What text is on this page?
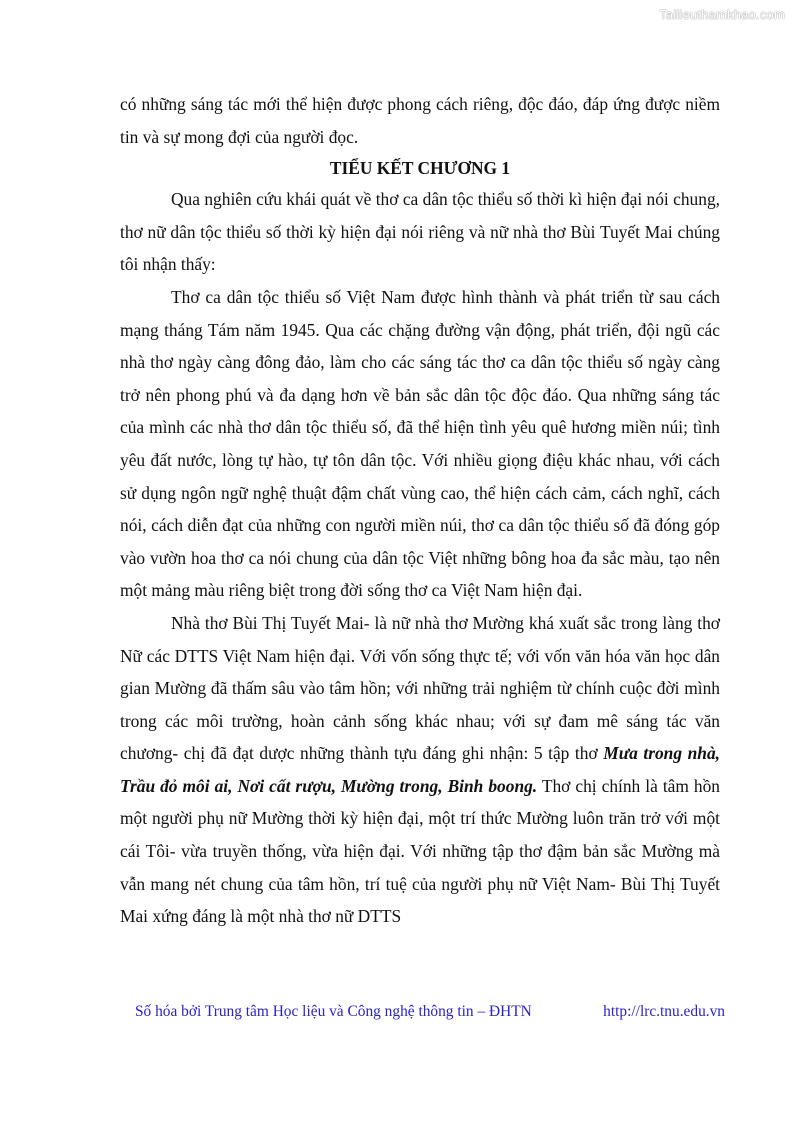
Tailieuthamkhao.com

có những sáng tác mới thể hiện được phong cách riêng, độc đáo, đáp ứng được niềm tin và sự mong đợi của người đọc.

TIỂU KẾT CHƯƠNG 1

Qua nghiên cứu khái quát về thơ ca dân tộc thiểu số thời kì hiện đại nói chung, thơ nữ dân tộc thiểu số thời kỳ hiện đại nói riêng và nữ nhà thơ Bùi Tuyết Mai chúng tôi nhận thấy:

Thơ ca dân tộc thiểu số Việt Nam được hình thành và phát triển từ sau cách mạng tháng Tám năm 1945. Qua các chặng đường vận động, phát triển, đội ngũ các nhà thơ ngày càng đông đảo, làm cho các sáng tác thơ ca dân tộc thiểu số ngày càng trở nên phong phú và đa dạng hơn về bản sắc dân tộc độc đáo. Qua những sáng tác của mình các nhà thơ dân tộc thiểu số, đã thể hiện tình yêu quê hương miền núi; tình yêu đất nước, lòng tự hào, tự tôn dân tộc. Với nhiều giọng điệu khác nhau, với cách sử dụng ngôn ngữ nghệ thuật đậm chất vùng cao, thể hiện cách cảm, cách nghĩ, cách nói, cách diễn đạt của những con người miền núi, thơ ca dân tộc thiểu số đã đóng góp vào vườn hoa thơ ca nói chung của dân tộc Việt những bông hoa đa sắc màu, tạo nên một mảng màu riêng biệt trong đời sống thơ ca Việt Nam hiện đại.

Nhà thơ Bùi Thị Tuyết Mai- là nữ nhà thơ Mường khá xuất sắc trong làng thơ Nữ các DTTS Việt Nam hiện đại. Với vốn sống thực tế; với vốn văn hóa văn học dân gian Mường đã thấm sâu vào tâm hồn; với những trải nghiệm từ chính cuộc đời mình trong các môi trường, hoàn cảnh sống khác nhau; với sự đam mê sáng tác văn chương- chị đã đạt dược những thành tựu đáng ghi nhận: 5 tập thơ Mưa trong nhà, Trầu đỏ môi ai, Nơi cất rượu, Mường trong, Binh boong. Thơ chị chính là tâm hồn một người phụ nữ Mường thời kỳ hiện đại, một trí thức Mường luôn trăn trở với một cái Tôi- vừa truyền thống, vừa hiện đại. Với những tập thơ đậm bản sắc Mường mà vẫn mang nét chung của tâm hồn, trí tuệ của người phụ nữ Việt Nam- Bùi Thị Tuyết Mai xứng đáng là một nhà thơ nữ DTTS

Số hóa bởi Trung tâm Học liệu và Công nghệ thông tin – ĐHTN	http://lrc.tnu.edu.vn
